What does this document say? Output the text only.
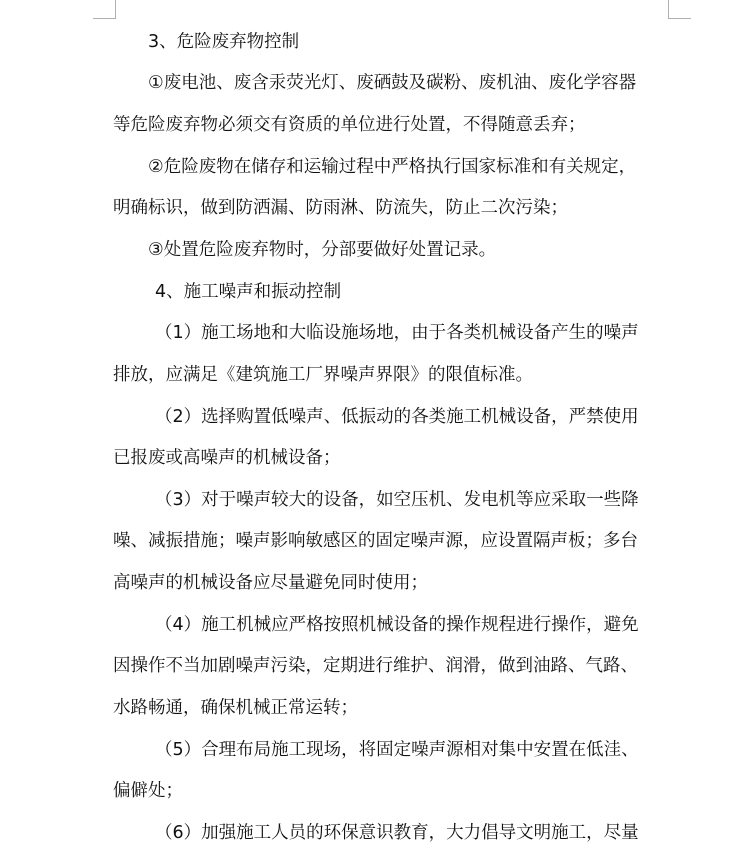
3、危险废弃物控制
①废电池、废含汞荧光灯、废硒鼓及碳粉、废机油、废化学容器
等危险废弃物必须交有资质的单位进行处置，不得随意丢弃；
②危险废物在储存和运输过程中严格执行国家标准和有关规定，
明确标识，做到防洒漏、防雨淋、防流失，防止二次污染；
③处置危险废弃物时，分部要做好处置记录。
4、施工噪声和振动控制
（1）施工场地和大临设施场地，由于各类机械设备产生的噪声
排放，应满足《建筑施工厂界噪声界限》的限值标准。
（2）选择购置低噪声、低振动的各类施工机械设备，严禁使用
已报废或高噪声的机械设备；
（3）对于噪声较大的设备，如空压机、发电机等应采取一些降
噪、减振措施；噪声影响敏感区的固定噪声源，应设置隔声板；多台
高噪声的机械设备应尽量避免同时使用；
（4）施工机械应严格按照机械设备的操作规程进行操作，避免
因操作不当加剧噪声污染，定期进行维护、润滑，做到油路、气路、
水路畅通，确保机械正常运转；
（5）合理布局施工现场，将固定噪声源相对集中安置在低洼、
偏僻处；
（6）加强施工人员的环保意识教育，大力倡导文明施工，尽量
